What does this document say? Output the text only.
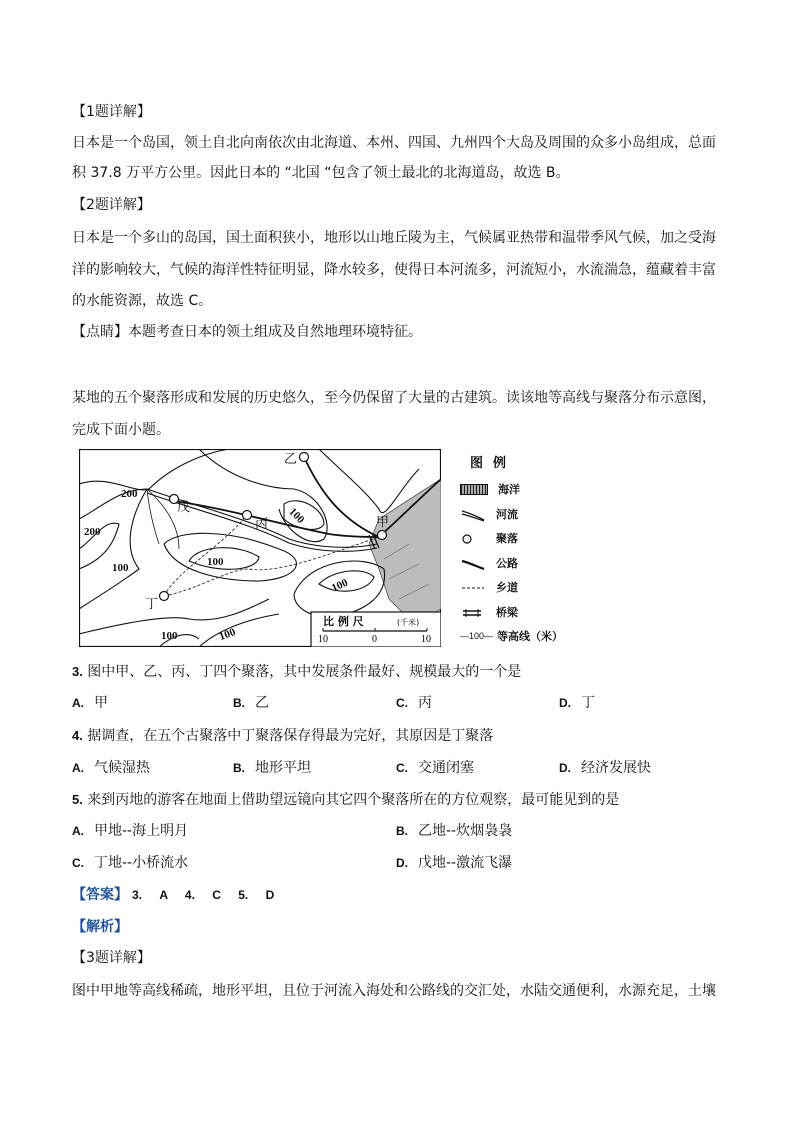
【1题详解】
日本是一个岛国，领土自北向南依次由北海道、本州、四国、九州四个大岛及周围的众多小岛组成，总面
积 37.8 万平方公里。因此日本的 “北国 “包含了领土最北的北海道岛，故选 B。
【2题详解】
日本是一个多山的岛国，国土面积狭小，地形以山地丘陵为主，气候属亚热带和温带季风气候，加之受海
洋的影响较大，气候的海洋性特征明显，降水较多，使得日本河流多，河流短小，水流湍急，蕴藏着丰富
的水能资源，故选 C。
【点睛】本题考查日本的领土组成及自然地理环境特征。
某地的五个聚落形成和发展的历史悠久，至今仍保留了大量的古建筑。读该地等高线与聚落分布示意图，
完成下面小题。
200
200
100
100
100
100
100
100
甲
乙
丙
丁
戊
比 例 尺	(千米)
10	0	10
图例
海洋
河流
聚落
公路
乡道
桥梁
—100— 等高线（米）
3. 图中甲、乙、丙、丁四个聚落，其中发展条件最好、规模最大的一个是
A. 甲	B. 乙	C. 丙	D. 丁
4. 据调查，在五个古聚落中丁聚落保存得最为完好，其原因是丁聚落
A. 气候湿热	B. 地形平坦	C. 交通闭塞	D. 经济发展快
5. 来到丙地的游客在地面上借助望远镜向其它四个聚落所在的方位观察，最可能见到的是
A. 甲地--海上明月	B. 乙地--炊烟袅袅
C. 丁地--小桥流水	D. 戊地--激流飞瀑
【答案】 3. A 4. C 5. D
【解析】
【3题详解】
图中甲地等高线稀疏，地形平坦，且位于河流入海处和公路线的交汇处，水陆交通便利，水源充足，土壤
